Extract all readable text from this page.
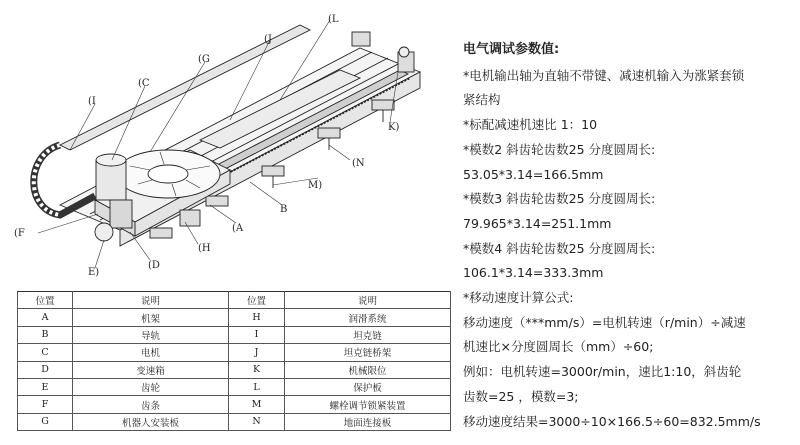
(I
(C
(G
(J
(L
K)
(N
M)
B
(A
(H
(D
E)
(F
位置	说明	位置	说明
A	机架	H	润滑系统
B	导轨	I	坦克链
C	电机	J	坦克链桥架
D	变速箱	K	机械限位
E	齿轮	L	保护板
F	齿条	M	螺栓调节锁紧装置
G	机器人安装板	N	地面连接板
电气调试参数值:
*电机输出轴为直轴不带键、减速机输入为涨紧套锁
紧结构
*标配减速机速比 1：10
*模数2 斜齿轮齿数25 分度圆周长:
53.05*3.14=166.5mm
*模数3 斜齿轮齿数25 分度圆周长:
79.965*3.14=251.1mm
*模数4 斜齿轮齿数25 分度圆周长:
106.1*3.14=333.3mm
*移动速度计算公式:
移动速度（***mm/s）=电机转速（r/min）÷减速
机速比×分度圆周长（mm）÷60;
例如：电机转速=3000r/min，速比1:10，斜齿轮
齿数=25 ，模数=3;
移动速度结果=3000÷10×166.5÷60=832.5mm/s
